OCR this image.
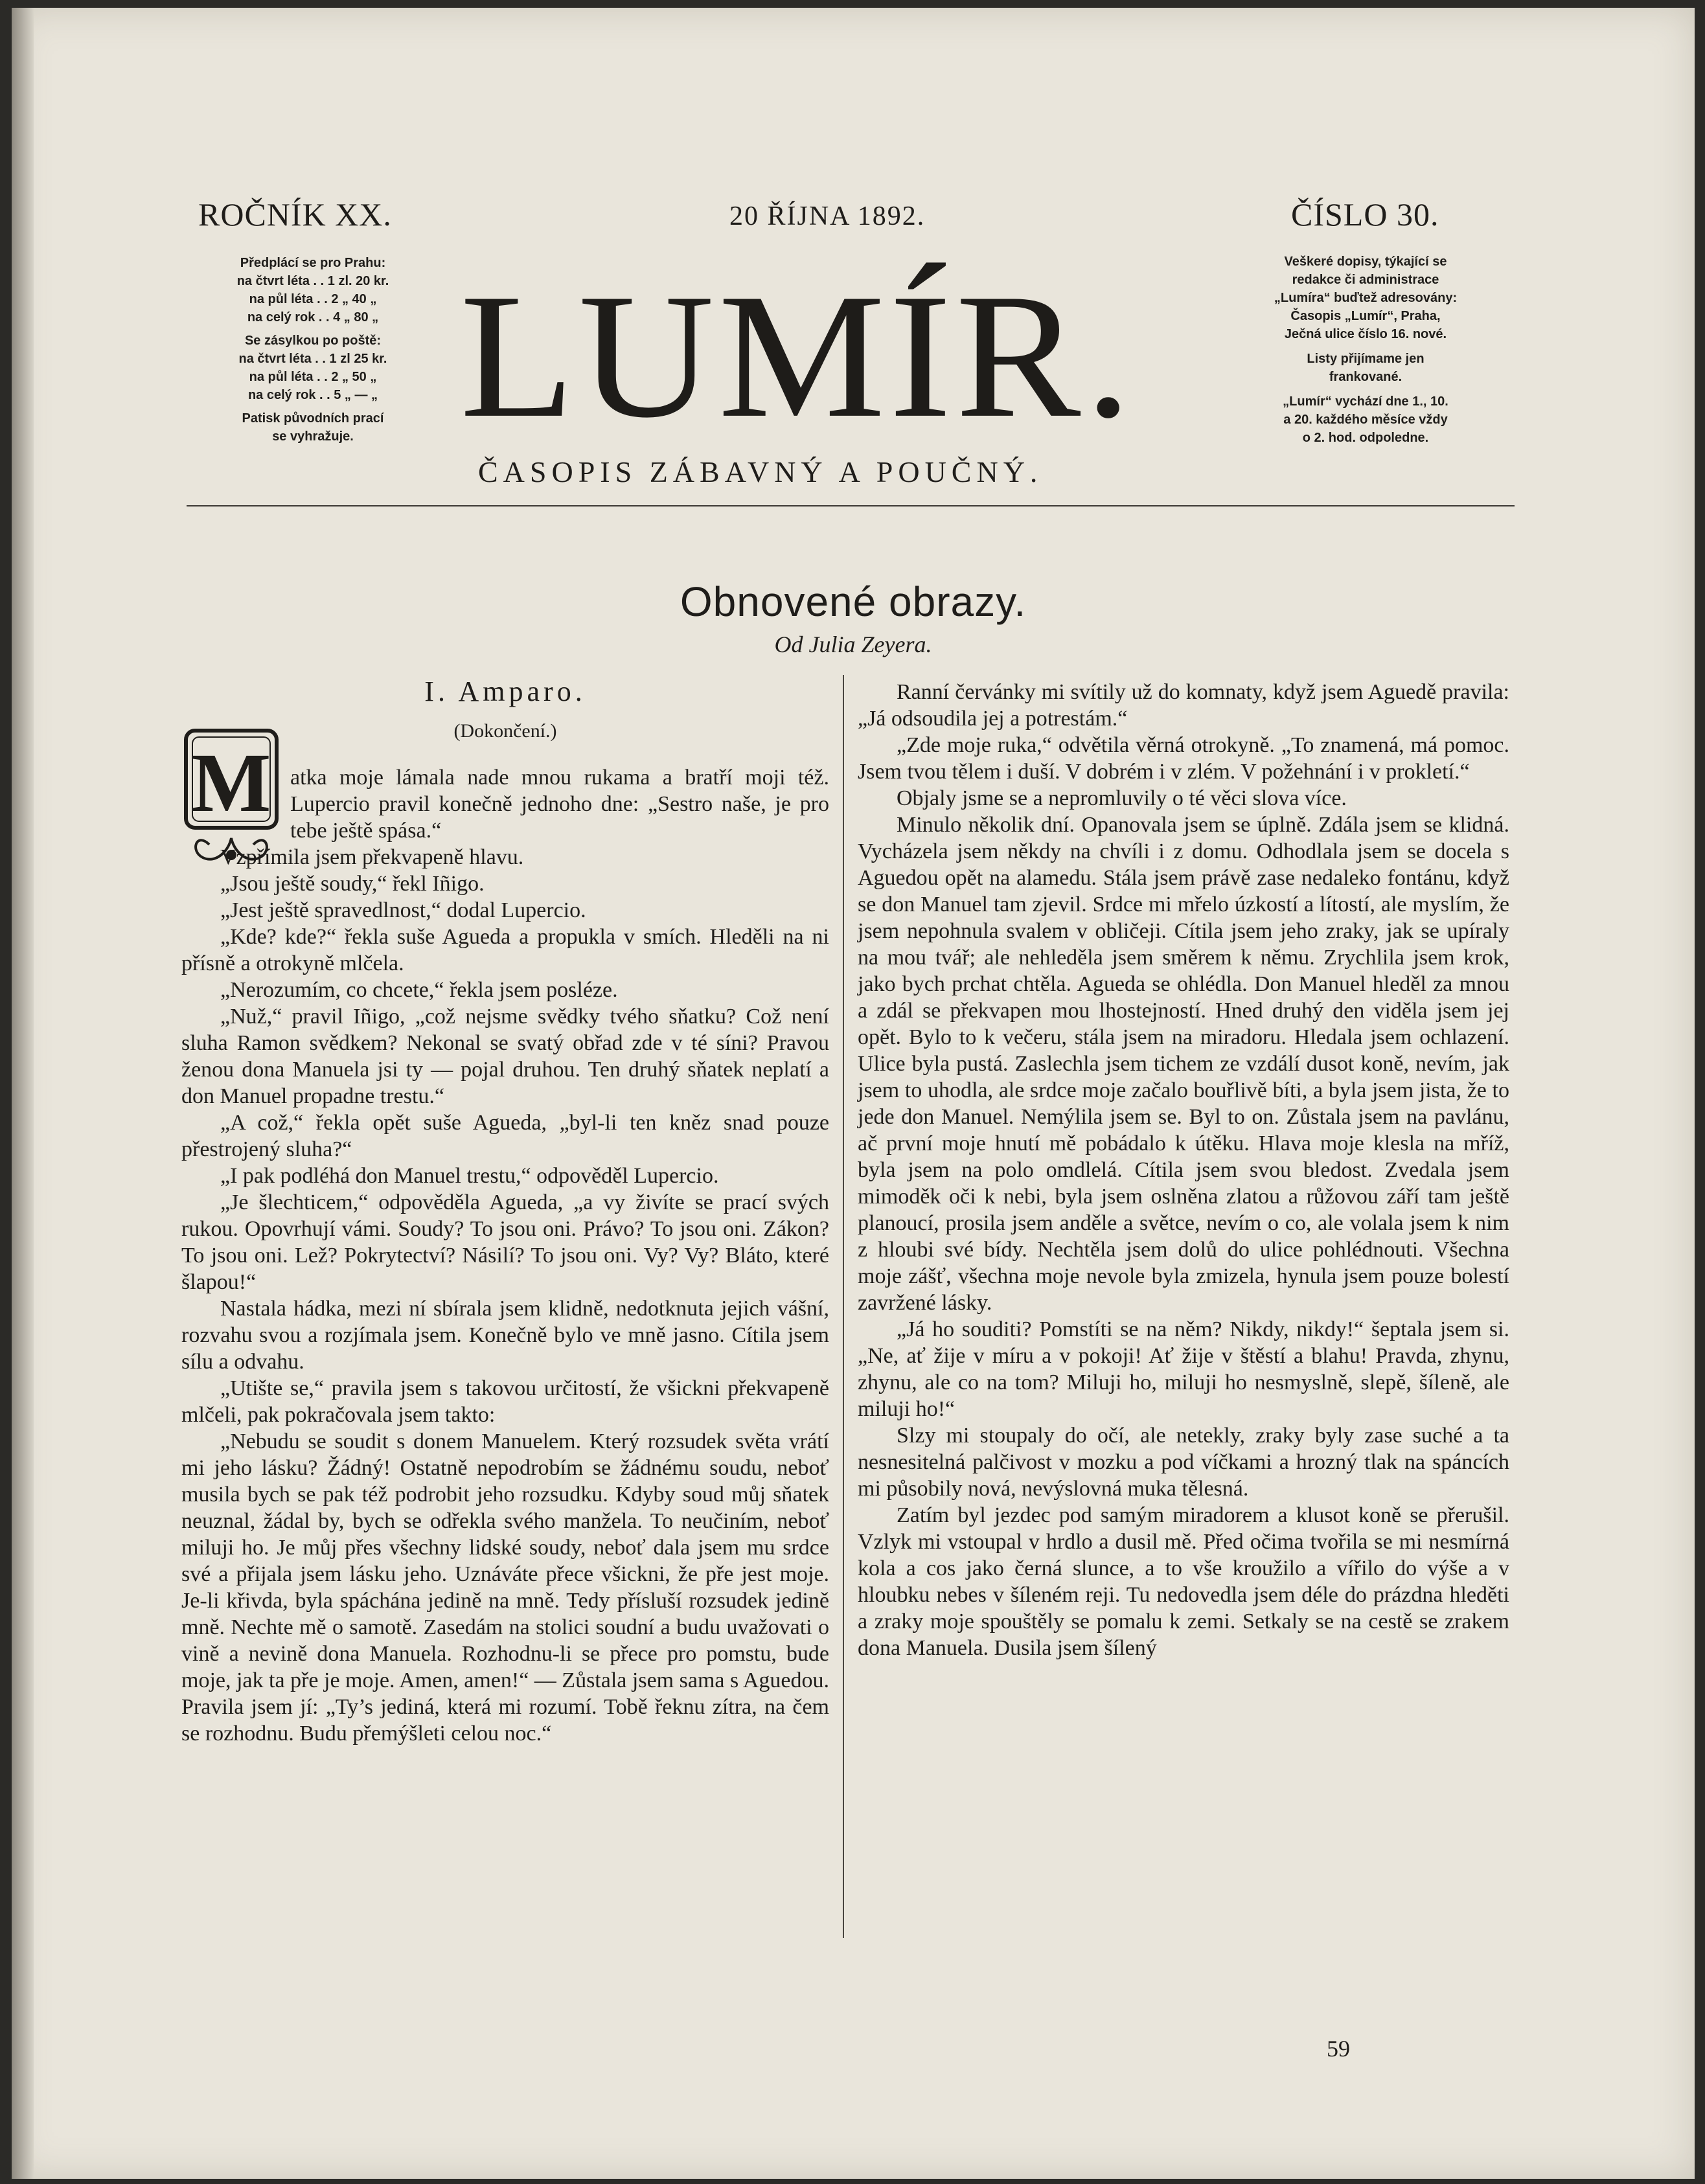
ROČNÍK XX.	20 ŘÍJNA 1892.	ČÍSLO 30.
Předplácí se pro Prahu:
na čtvrt léta . . 1 zl. 20 kr.
na půl léta . . 2 „ 40 „
na celý rok . . 4 „ 80 „
Se zásylkou po poště:
na čtvrt léta . . 1 zl 25 kr.
na půl léta . . 2 „ 50 „
na celý rok . . 5 „ — „
Patisk původních prací
se vyhražuje. LUMÍR.
ČASOPIS ZÁBAVNÝ A POUČNÝ.
Veškeré dopisy, týkající se
redakce či administrace
„Lumíra“ buďtež adresovány:
Časopis „Lumír“, Praha,
Ječná ulice číslo 16. nové.
Listy přijímame jen
frankované.
„Lumír“ vychází dne 1., 10.
a 20. každého měsíce vždy
o 2. hod. odpoledne.
Obnovené obrazy.
Od Julia Zeyera.
I. Amparo.
(Dokončení.)
M atka moje lámala nade mnou rukama a bratří moji též. Lupercio pravil konečně jednoho dne: „Sestro naše, je pro tebe ještě spása.“

Vzpřímila jsem překvapeně hlavu.

„Jsou ještě soudy,“ řekl Iñigo.

„Jest ještě spravedlnost,“ dodal Lupercio.

„Kde? kde?“ řekla suše Agueda a propukla v smích. Hleděli na ni přísně a otrokyně mlčela.

„Nerozumím, co chcete,“ řekla jsem posléze.

„Nuž,“ pravil Iñigo, „což nejsme svědky tvého sňatku? Což není sluha Ramon svědkem? Nekonal se svatý obřad zde v té síni? Pravou ženou dona Manuela jsi ty — pojal druhou. Ten druhý sňatek neplatí a don Manuel propadne trestu.“

„A což,“ řekla opět suše Agueda, „byl-li ten kněz snad pouze přestrojený sluha?“

„I pak podléhá don Manuel trestu,“ odpověděl Lupercio.

„Je šlechticem,“ odpověděla Agueda, „a vy živíte se prací svých rukou. Opovrhují vámi. Soudy? To jsou oni. Právo? To jsou oni. Zákon? To jsou oni. Lež? Pokrytectví? Násilí? To jsou oni. Vy? Vy? Bláto, které šlapou!“

Nastala hádka, mezi ní sbírala jsem klidně, nedotknuta jejich vášní, rozvahu svou a rozjímala jsem. Konečně bylo ve mně jasno. Cítila jsem sílu a odvahu.

„Utište se,“ pravila jsem s takovou určitostí, že všickni překvapeně mlčeli, pak pokračovala jsem takto:

„Nebudu se soudit s donem Manuelem. Který rozsudek světa vrátí mi jeho lásku? Žádný! Ostatně nepodrobím se žádnému soudu, neboť musila bych se pak též podrobit jeho rozsudku. Kdyby soud můj sňatek neuznal, žádal by, bych se odřekla svého manžela. To neučiním, neboť miluji ho. Je můj přes všechny lidské soudy, neboť dala jsem mu srdce své a přijala jsem lásku jeho. Uznáváte přece všickni, že pře jest moje. Je-li křivda, byla spáchána jedině na mně. Tedy přísluší rozsudek jedině mně. Nechte mě o samotě. Zasedám na stolici soudní a budu uvažovati o vině a nevině dona Manuela. Rozhodnu-li se přece pro pomstu, bude moje, jak ta pře je moje. Amen, amen!“ — Zůstala jsem sama s Aguedou. Pravila jsem jí: „Ty’s jediná, která mi rozumí. Tobě řeknu zítra, na čem se rozhodnu. Budu přemýšleti celou noc.“

Ranní červánky mi svítily už do komnaty, když jsem Aguedě pravila: „Já odsoudila jej a potrestám.“

„Zde moje ruka,“ odvětila věrná otrokyně. „To znamená, má pomoc. Jsem tvou tělem i duší. V dobrém i v zlém. V požehnání i v prokletí.“

Objaly jsme se a nepromluvily o té věci slova více.

Minulo několik dní. Opanovala jsem se úplně. Zdála jsem se klidná. Vycházela jsem někdy na chvíli i z domu. Odhodlala jsem se docela s Aguedou opět na alamedu. Stála jsem právě zase nedaleko fontánu, když se don Manuel tam zjevil. Srdce mi mřelo úzkostí a lítostí, ale myslím, že jsem nepohnula svalem v obličeji. Cítila jsem jeho zraky, jak se upíraly na mou tvář; ale nehleděla jsem směrem k němu. Zrychlila jsem krok, jako bych prchat chtěla. Agueda se ohlédla. Don Manuel hleděl za mnou a zdál se překvapen mou lhostejností. Hned druhý den viděla jsem jej opět. Bylo to k večeru, stála jsem na miradoru. Hledala jsem ochlazení. Ulice byla pustá. Zaslechla jsem tichem ze vzdálí dusot koně, nevím, jak jsem to uhodla, ale srdce moje začalo bouřlivě bíti, a byla jsem jista, že to jede don Manuel. Nemýlila jsem se. Byl to on. Zůstala jsem na pavlánu, ač první moje hnutí mě pobádalo k útěku. Hlava moje klesla na mříž, byla jsem na polo omdlelá. Cítila jsem svou bledost. Zvedala jsem mimoděk oči k nebi, byla jsem oslněna zlatou a růžovou září tam ještě planoucí, prosila jsem anděle a světce, nevím o co, ale volala jsem k nim z hloubi své bídy. Nechtěla jsem dolů do ulice pohlédnouti. Všechna moje zášť, všechna moje nevole byla zmizela, hynula jsem pouze bolestí zavržené lásky.

„Já ho souditi? Pomstíti se na něm? Nikdy, nikdy!“ šeptala jsem si. „Ne, ať žije v míru a v pokoji! Ať žije v štěstí a blahu! Pravda, zhynu, zhynu, ale co na tom? Miluji ho, miluji ho nesmyslně, slepě, šíleně, ale miluji ho!“

Slzy mi stoupaly do očí, ale netekly, zraky byly zase suché a ta nesnesitelná palčivost v mozku a pod víčkami a hrozný tlak na spáncích mi působily nová, nevýslovná muka tělesná.

Zatím byl jezdec pod samým miradorem a klusot koně se přerušil. Vzlyk mi vstoupal v hrdlo a dusil mě. Před očima tvořila se mi nesmírná kola a cos jako černá slunce, a to vše kroužilo a vířilo do výše a v hloubku nebes v šíleném reji. Tu nedovedla jsem déle do prázdna hleděti a zraky moje spouštěly se pomalu k zemi. Setkaly se na cestě se zrakem dona Manuela. Dusila jsem šílený

59
